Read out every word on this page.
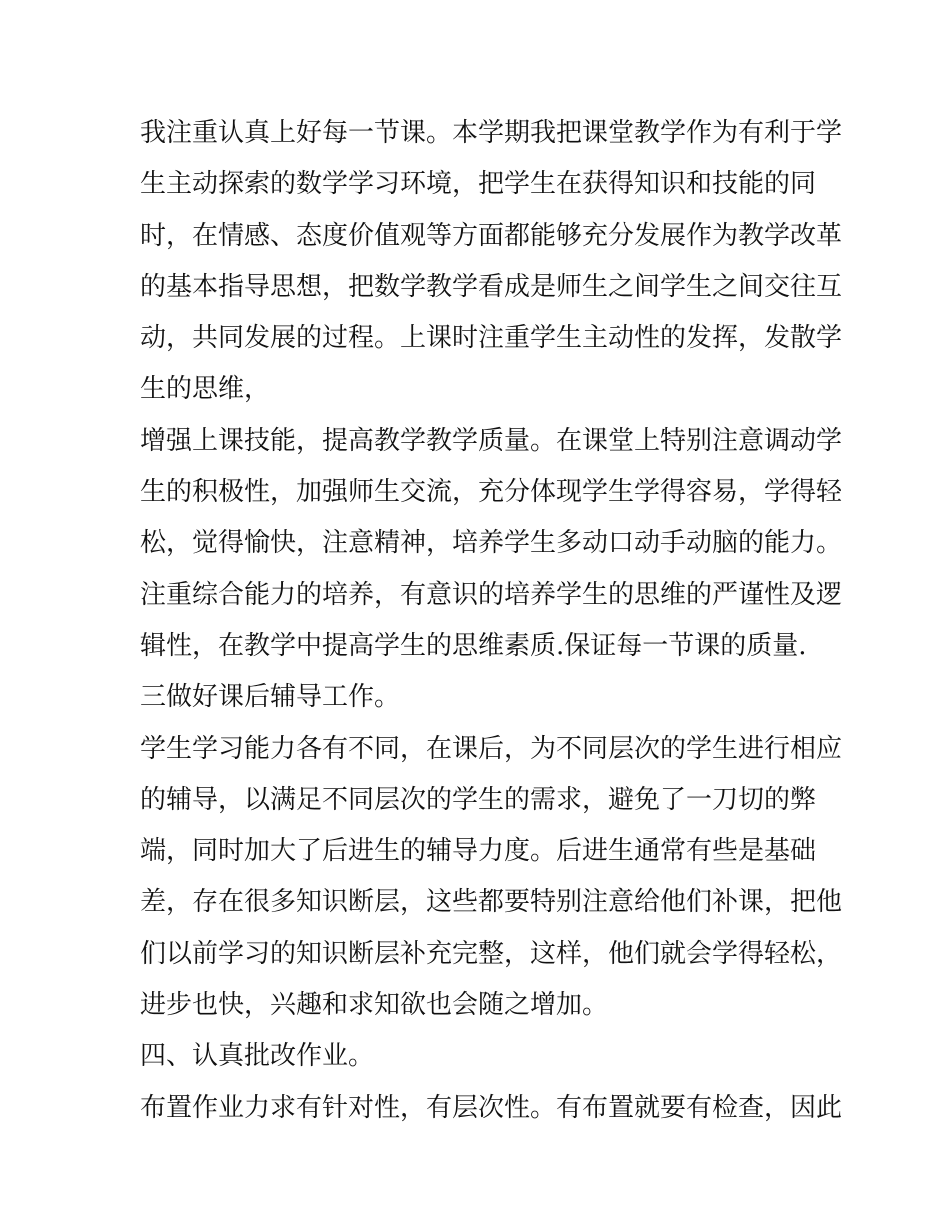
我注重认真上好每一节课。本学期我把课堂教学作为有利于学
生主动探索的数学学习环境，把学生在获得知识和技能的同
时，在情感、态度价值观等方面都能够充分发展作为教学改革
的基本指导思想，把数学教学看成是师生之间学生之间交往互
动，共同发展的过程。上课时注重学生主动性的发挥，发散学
生的思维，
增强上课技能，提高教学教学质量。在课堂上特别注意调动学
生的积极性，加强师生交流，充分体现学生学得容易，学得轻
松，觉得愉快，注意精神，培养学生多动口动手动脑的能力。
注重综合能力的培养，有意识的培养学生的思维的严谨性及逻
辑性，在教学中提高学生的思维素质.保证每一节课的质量.
三做好课后辅导工作。
学生学习能力各有不同，在课后，为不同层次的学生进行相应
的辅导，以满足不同层次的学生的需求，避免了一刀切的弊
端，同时加大了后进生的辅导力度。后进生通常有些是基础
差，存在很多知识断层，这些都要特别注意给他们补课，把他
们以前学习的知识断层补充完整，这样，他们就会学得轻松，
进步也快，兴趣和求知欲也会随之增加。
四、认真批改作业。
布置作业力求有针对性，有层次性。有布置就要有检查，因此
